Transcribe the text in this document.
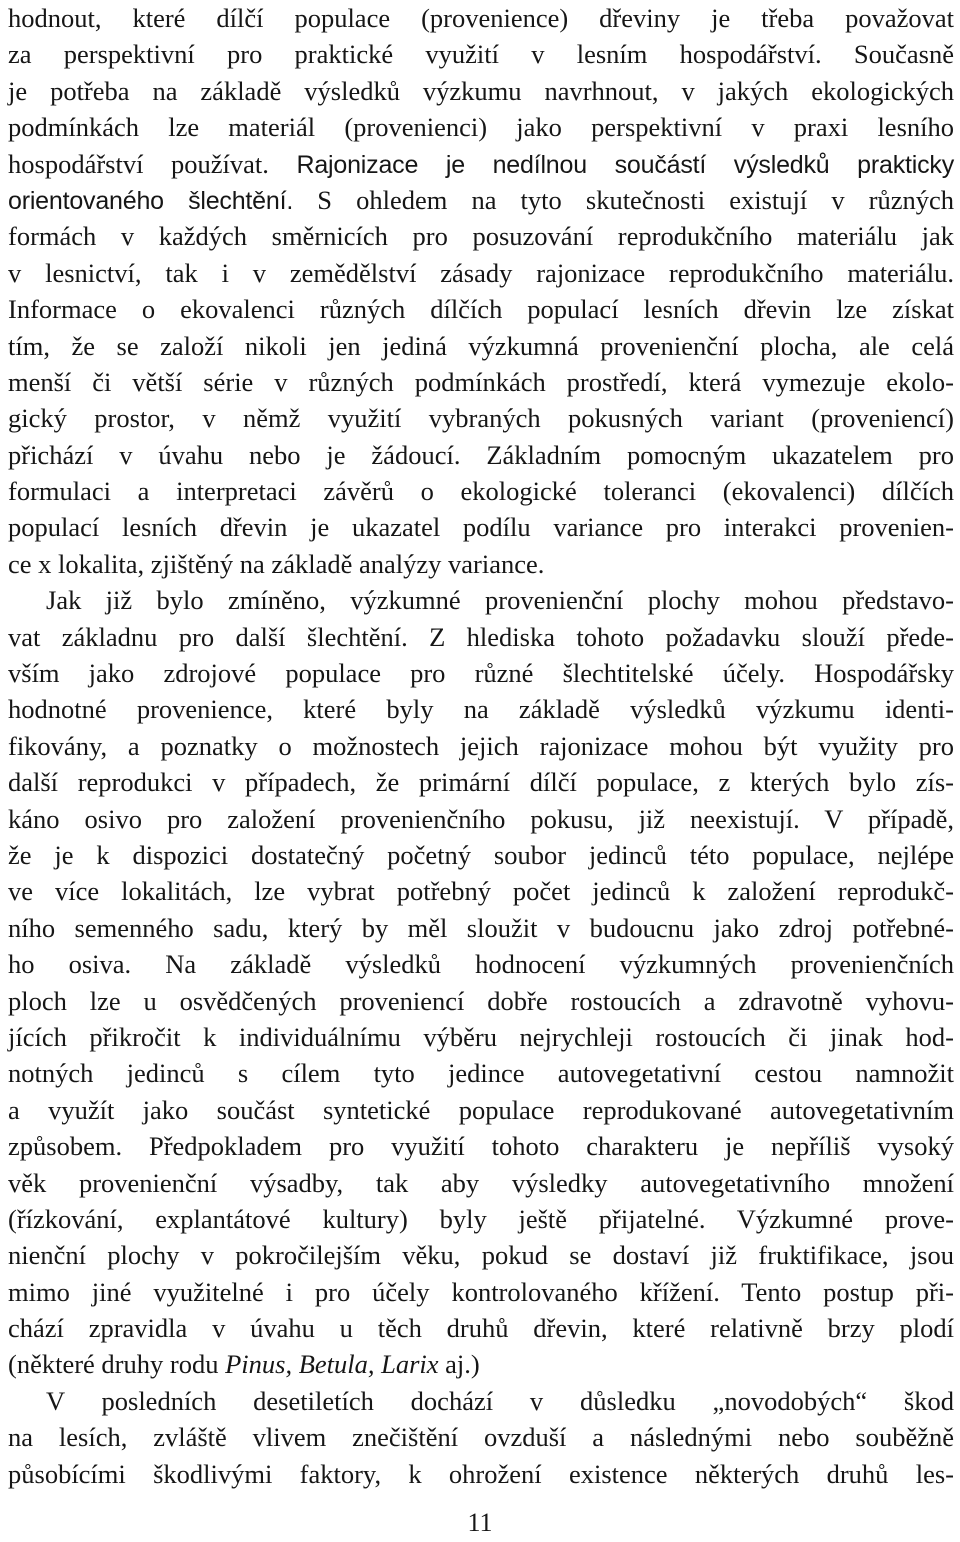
hodnout, které dílčí populace (provenience) dřeviny je třeba považovat
za perspektivní pro praktické využití v lesním hospodářství. Současně
je potřeba na základě výsledků výzkumu navrhnout, v jakých ekologických
podmínkách lze materiál (provenienci) jako perspektivní v praxi lesního
hospodářství používat. Rajonizace je nedílnou součástí výsledků prakticky
orientovaného šlechtění. S ohledem na tyto skutečnosti existují v různých
formách v každých směrnicích pro posuzování reprodukčního materiálu jak
v lesnictví, tak i v zemědělství zásady rajonizace reprodukčního materiálu.
Informace o ekovalenci různých dílčích populací lesních dřevin lze získat
tím, že se založí nikoli jen jediná výzkumná provenienční plocha, ale celá
menší či větší série v různých podmínkách prostředí, která vymezuje ekolo-
gický prostor, v němž využití vybraných pokusných variant (proveniencí)
přichází v úvahu nebo je žádoucí. Základním pomocným ukazatelem pro
formulaci a interpretaci závěrů o ekologické toleranci (ekovalenci) dílčích
populací lesních dřevin je ukazatel podílu variance pro interakci provenien-
ce x lokalita, zjištěný na základě analýzy variance.
Jak již bylo zmíněno, výzkumné provenienční plochy mohou představo-
vat základnu pro další šlechtění. Z hlediska tohoto požadavku slouží přede-
vším jako zdrojové populace pro různé šlechtitelské účely. Hospodářsky
hodnotné provenience, které byly na základě výsledků výzkumu identi-
fikovány, a poznatky o možnostech jejich rajonizace mohou být využity pro
další reprodukci v případech, že primární dílčí populace, z kterých bylo zís-
káno osivo pro založení provenienčního pokusu, již neexistují. V případě,
že je k dispozici dostatečný početný soubor jedinců této populace, nejlépe
ve více lokalitách, lze vybrat potřebný počet jedinců k založení reprodukč-
ního semenného sadu, který by měl sloužit v budoucnu jako zdroj potřebné-
ho osiva. Na základě výsledků hodnocení výzkumných provenienčních
ploch lze u osvědčených proveniencí dobře rostoucích a zdravotně vyhovu-
jících přikročit k individuálnímu výběru nejrychleji rostoucích či jinak hod-
notných jedinců s cílem tyto jedince autovegetativní cestou namnožit
a využít jako součást syntetické populace reprodukované autovegetativním
způsobem. Předpokladem pro využití tohoto charakteru je nepříliš vysoký
věk provenienční výsadby, tak aby výsledky autovegetativního množení
(řízkování, explantátové kultury) byly ještě přijatelné. Výzkumné prove-
nienční plochy v pokročilejším věku, pokud se dostaví již fruktifikace, jsou
mimo jiné využitelné i pro účely kontrolovaného křížení. Tento postup při-
chází zpravidla v úvahu u těch druhů dřevin, které relativně brzy plodí
(některé druhy rodu Pinus, Betula, Larix aj.)
V posledních desetiletích dochází v důsledku „novodobých“ škod
na lesích, zvláště vlivem znečištění ovzduší a následnými nebo souběžně
působícími škodlivými faktory, k ohrožení existence některých druhů les-
11
